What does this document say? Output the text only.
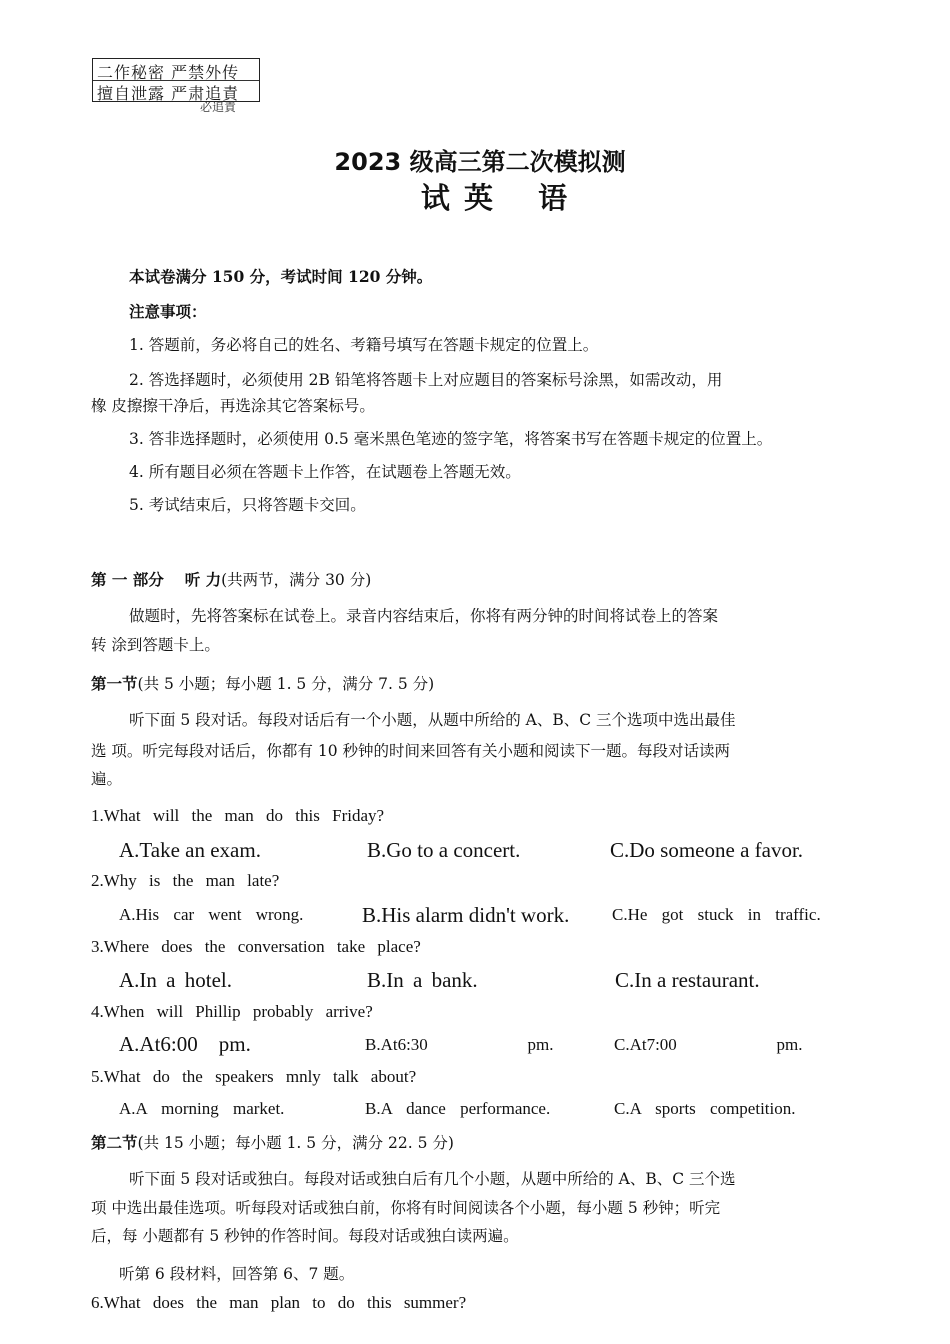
二作秘密 严禁外传
擅自泄露 严肃追責
必追責
2023 级高三第二次模拟测
试 英　 语
本试卷满分 150 分，考试时间 120 分钟。
注意事项：
1. 答题前，务必将自己的姓名、考籍号填写在答题卡规定的位置上。
2. 答选择题时，必须使用 2B 铅笔将答题卡上对应题目的答案标号涂黑，如需改动，用
橡 皮擦擦干净后，再选涂其它答案标号。
3. 答非选择题时，必须使用 0.5 毫米黑色笔迹的签字笔，将答案书写在答题卡规定的位置上。
4. 所有题目必须在答题卡上作答，在试题卷上答题无效。
5. 考试结束后，只将答题卡交回。
第 一 部分　 听 力(共两节，满分 30 分)
做题时，先将答案标在试卷上。录音内容结束后，你将有两分钟的时间将试卷上的答案
转 涂到答题卡上。
第一节(共 5 小题；每小题 1. 5 分，满分 7. 5 分)
听下面 5 段对话。每段对话后有一个小题，从题中所给的 A、B、C 三个选项中选出最佳
选 项。听完每段对话后，你都有 10 秒钟的时间来回答有关小题和阅读下一题。每段对话读两
遍。
1.What will the man do this Friday?
A.Take an exam.	B.Go to a concert.	C.Do someone a favor.
2.Why is the man late?
A.His car went wrong.	B.His alarm didn't work.	C.He got stuck in traffic.
3.Where does the conversation take place?
A.In a hotel.	B.In a bank.	C.In a restaurant.
4.When will Phillip probably arrive?
A.At6:00    pm.	B.At6:30       pm.	C.At7:00       pm.
5.What do the speakers mnly talk about?
A.A morning market.	B.A dance performance.	C.A sports competition.
第二节(共 15 小题；每小题 1. 5 分，满分 22. 5 分)
听下面 5 段对话或独白。每段对话或独白后有几个小题，从题中所给的 A、B、C 三个选
项 中选出最佳选项。听每段对话或独白前，你将有时间阅读各个小题，每小题 5 秒钟；听完
后，每 小题都有 5 秒钟的作答时间。每段对话或独白读两遍。
听第 6 段材料，回答第 6、7 题。
6.What does the man plan to do this summer?
